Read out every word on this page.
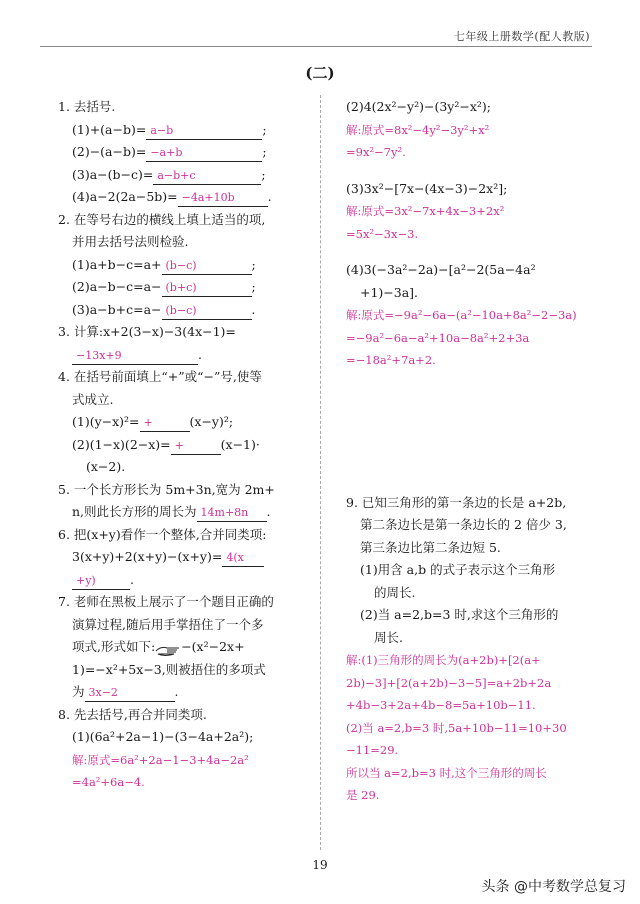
七年级上册数学(配人教版)
(二)
1. 去括号.
(1)+(a−b)= a−b	;
(2)−(a−b)= −a+b	;
(3)a−(b−c)= a−b+c	;
(4)a−2(2a−5b)= −4a+10b	.
2. 在等号右边的横线上填上适当的项,
并用去括号法则检验.
(1)a+b−c=a+ (b−c)	;
(2)a−b−c=a− (b+c)	;
(3)a−b+c=a− (b−c)	.
3. 计算:x+2(3−x)−3(4x−1)=
−13x+9	.
4. 在括号前面填上“+”或“−”号,使等
式成立.
(1)(y−x)²= +	(x−y)²;
(2)(1−x)(2−x)= +	(x−1)·
(x−2).
5. 一个长方形长为 5m+3n,宽为 2m+
n,则此长方形的周长为 14m+8n .
6. 把(x+y)看作一个整体,合并同类项:
3(x+y)+2(x+y)−(x+y)= 4(x
+y)	.
7. 老师在黑板上展示了一个题目正确的
演算过程,随后用手掌捂住了一个多
项式,形式如下: −(x²−2x+
1)=−x²+5x−3,则被捂住的多项式
为 3x−2	.
8. 先去括号,再合并同类项.
(1)(6a²+2a−1)−(3−4a+2a²);
解:原式=6a²+2a−1−3+4a−2a²
=4a²+6a−4.
(2)4(2x²−y²)−(3y²−x²);
解:原式=8x²−4y²−3y²+x²
=9x²−7y².
(3)3x²−[7x−(4x−3)−2x²];
解:原式=3x²−7x+4x−3+2x²
=5x²−3x−3.
(4)3(−3a²−2a)−[a²−2(5a−4a²
+1)−3a].
解:原式=−9a²−6a−(a²−10a+8a²−2−3a)
=−9a²−6a−a²+10a−8a²+2+3a
=−18a²+7a+2.
9. 已知三角形的第一条边的长是 a+2b,
第二条边长是第一条边长的 2 倍少 3,
第三条边比第二条边短 5.
(1)用含 a,b 的式子表示这个三角形
的周长.
(2)当 a=2,b=3 时,求这个三角形的
周长.
解:(1)三角形的周长为(a+2b)+[2(a+
2b)−3]+[2(a+2b)−3−5]=a+2b+2a
+4b−3+2a+4b−8=5a+10b−11.
(2)当 a=2,b=3 时,5a+10b−11=10+30
−11=29.
所以当 a=2,b=3 时,这个三角形的周长
是 29.
19
头条 @中考数学总复习
